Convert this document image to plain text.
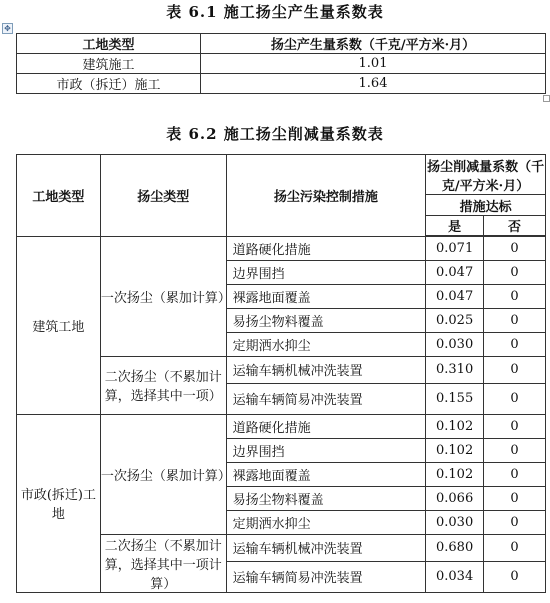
表 6.1 施工扬尘产生量系数表
✥
工地类型	扬尘产生量系数（千克/平方米·月）
建筑施工	1.01
市政（拆迁）施工	1.64
表 6.2 施工扬尘削减量系数表
工地类型	扬尘类型	扬尘污染控制措施	扬尘削减量系数（千克/平方米·月）	
			措施达标	
			是	否
建筑工地	一次扬尘（累加计算）	道路硬化措施	0.071	0
		边界围挡	0.047	0
		裸露地面覆盖	0.047	0
		易扬尘物料覆盖	0.025	0
		定期洒水抑尘	0.030	0
	二次扬尘（不累加计算，选择其中一项）	运输车辆机械冲洗装置	0.310	0
		运输车辆简易冲洗装置	0.155	0
市政(拆迁)工地	一次扬尘（累加计算）	道路硬化措施	0.102	0
		边界围挡	0.102	0
		裸露地面覆盖	0.102	0
		易扬尘物料覆盖	0.066	0
		定期洒水抑尘	0.030	0
	二次扬尘（不累加计算，选择其中一项计算）	运输车辆机械冲洗装置	0.680	0
		运输车辆简易冲洗装置	0.034	0
